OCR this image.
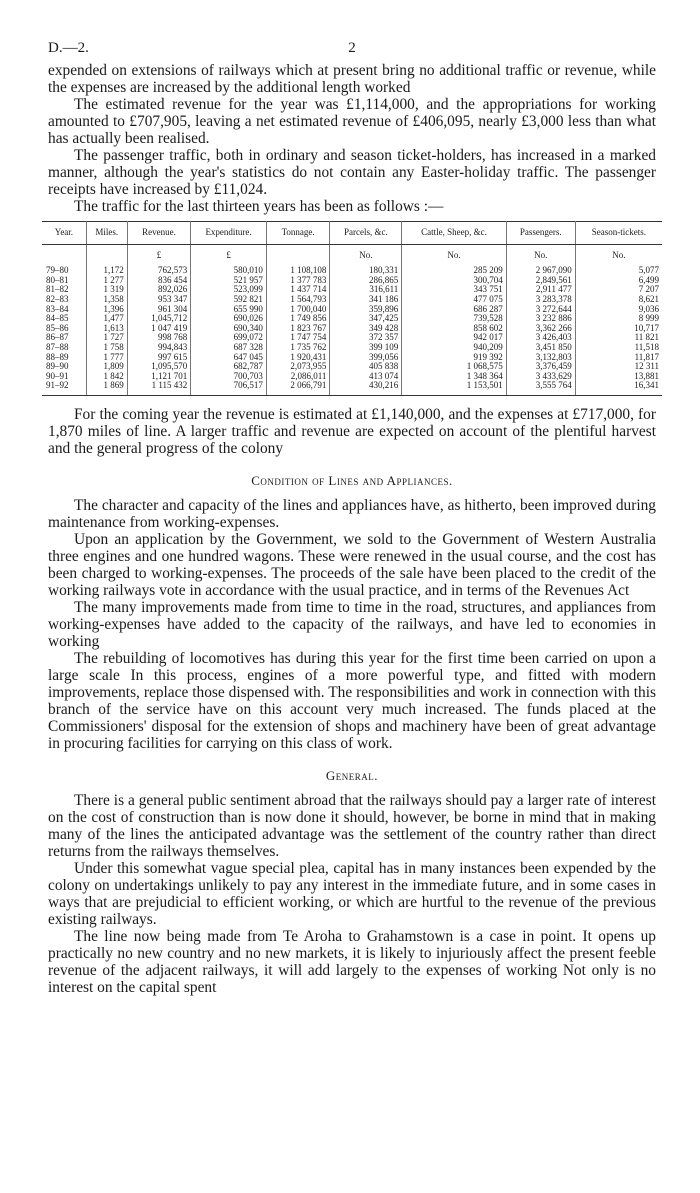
D.—2.	2

expended on extensions of railways which at present bring no additional traffic or revenue, while the expenses are increased by the additional length worked

The estimated revenue for the year was £1,114,000, and the appropriations for working amounted to £707,905, leaving a net estimated revenue of £406,095, nearly £3,000 less than what has actually been realised.

The passenger traffic, both in ordinary and season ticket-holders, has increased in a marked manner, although the year's statistics do not contain any Easter-holiday traffic. The passenger receipts have increased by £11,024.

The traffic for the last thirteen years has been as follows :—

Year.	Miles.	Revenue.	Expenditure.	Tonnage.	Parcels, &c.	Cattle, Sheep, &c.	Passengers.	Season-tickets.
		£	£		No.	No.	No.	No.

79–80	1,172	762,573	580,010	1 108,108	180,331	285 209	2 967,090	5,077
80–81	1 277	836 454	521 957	1 377 783	286,865	300,704	2,849,561	6,499
81–82	1 319	892,026	523,099	1 437 714	316,611	343 751	2,911 477	7 207
82–83	1,358	953 347	592 821	1 564,793	341 186	477 075	3 283,378	8,621
83–84	1,396	961 304	655 990	1 700,040	359,896	686 287	3 272,644	9,036
84–85	1,477	1,045,712	690,026	1 749 856	347,425	739,528	3 232 886	8 999
85–86	1,613	1 047 419	690,340	1 823 767	349 428	858 602	3,362 266	10,717
86–87	1 727	998 768	699,072	1 747 754	372 357	942 017	3 426,403	11 821
87–88	1 758	994,843	687 328	1 735 762	399 109	940,209	3,451 850	11,518
88–89	1 777	997 615	647 045	1 920,431	399,056	919 392	3,132,803	11,817
89–90	1,809	1,095,570	682,787	2,073,955	405 838	1 068,575	3,376,459	12 311
90–91	1 842	1,121 701	700,703	2,086,011	413 074	1 348 364	3 433,629	13,881
91–92	1 869	1 115 432	706,517	2 066,791	430,216	1 153,501	3,555 764	16,341

For the coming year the revenue is estimated at £1,140,000, and the expenses at £717,000, for 1,870 miles of line. A larger traffic and revenue are expected on account of the plentiful harvest and the general progress of the colony

Condition of Lines and Appliances.

The character and capacity of the lines and appliances have, as hitherto, been improved during maintenance from working-expenses.

Upon an application by the Government, we sold to the Government of Western Australia three engines and one hundred wagons. These were renewed in the usual course, and the cost has been charged to working-expenses. The proceeds of the sale have been placed to the credit of the working railways vote in accordance with the usual practice, and in terms of the Revenues Act

The many improvements made from time to time in the road, structures, and appliances from working-expenses have added to the capacity of the railways, and have led to economies in working

The rebuilding of locomotives has during this year for the first time been carried on upon a large scale In this process, engines of a more powerful type, and fitted with modern improvements, replace those dispensed with. The responsibilities and work in connection with this branch of the service have on this account very much increased. The funds placed at the Commissioners' disposal for the extension of shops and machinery have been of great advantage in procuring facilities for carrying on this class of work.

General.

There is a general public sentiment abroad that the railways should pay a larger rate of interest on the cost of construction than is now done it should, however, be borne in mind that in making many of the lines the anticipated advantage was the settlement of the country rather than direct returns from the railways themselves.

Under this somewhat vague special plea, capital has in many instances been expended by the colony on undertakings unlikely to pay any interest in the immediate future, and in some cases in ways that are prejudicial to efficient working, or which are hurtful to the revenue of the previous existing railways.

The line now being made from Te Aroha to Grahamstown is a case in point. It opens up practically no new country and no new markets, it is likely to injuriously affect the present feeble revenue of the adjacent railways, it will add largely to the expenses of working Not only is no interest on the capital spent
